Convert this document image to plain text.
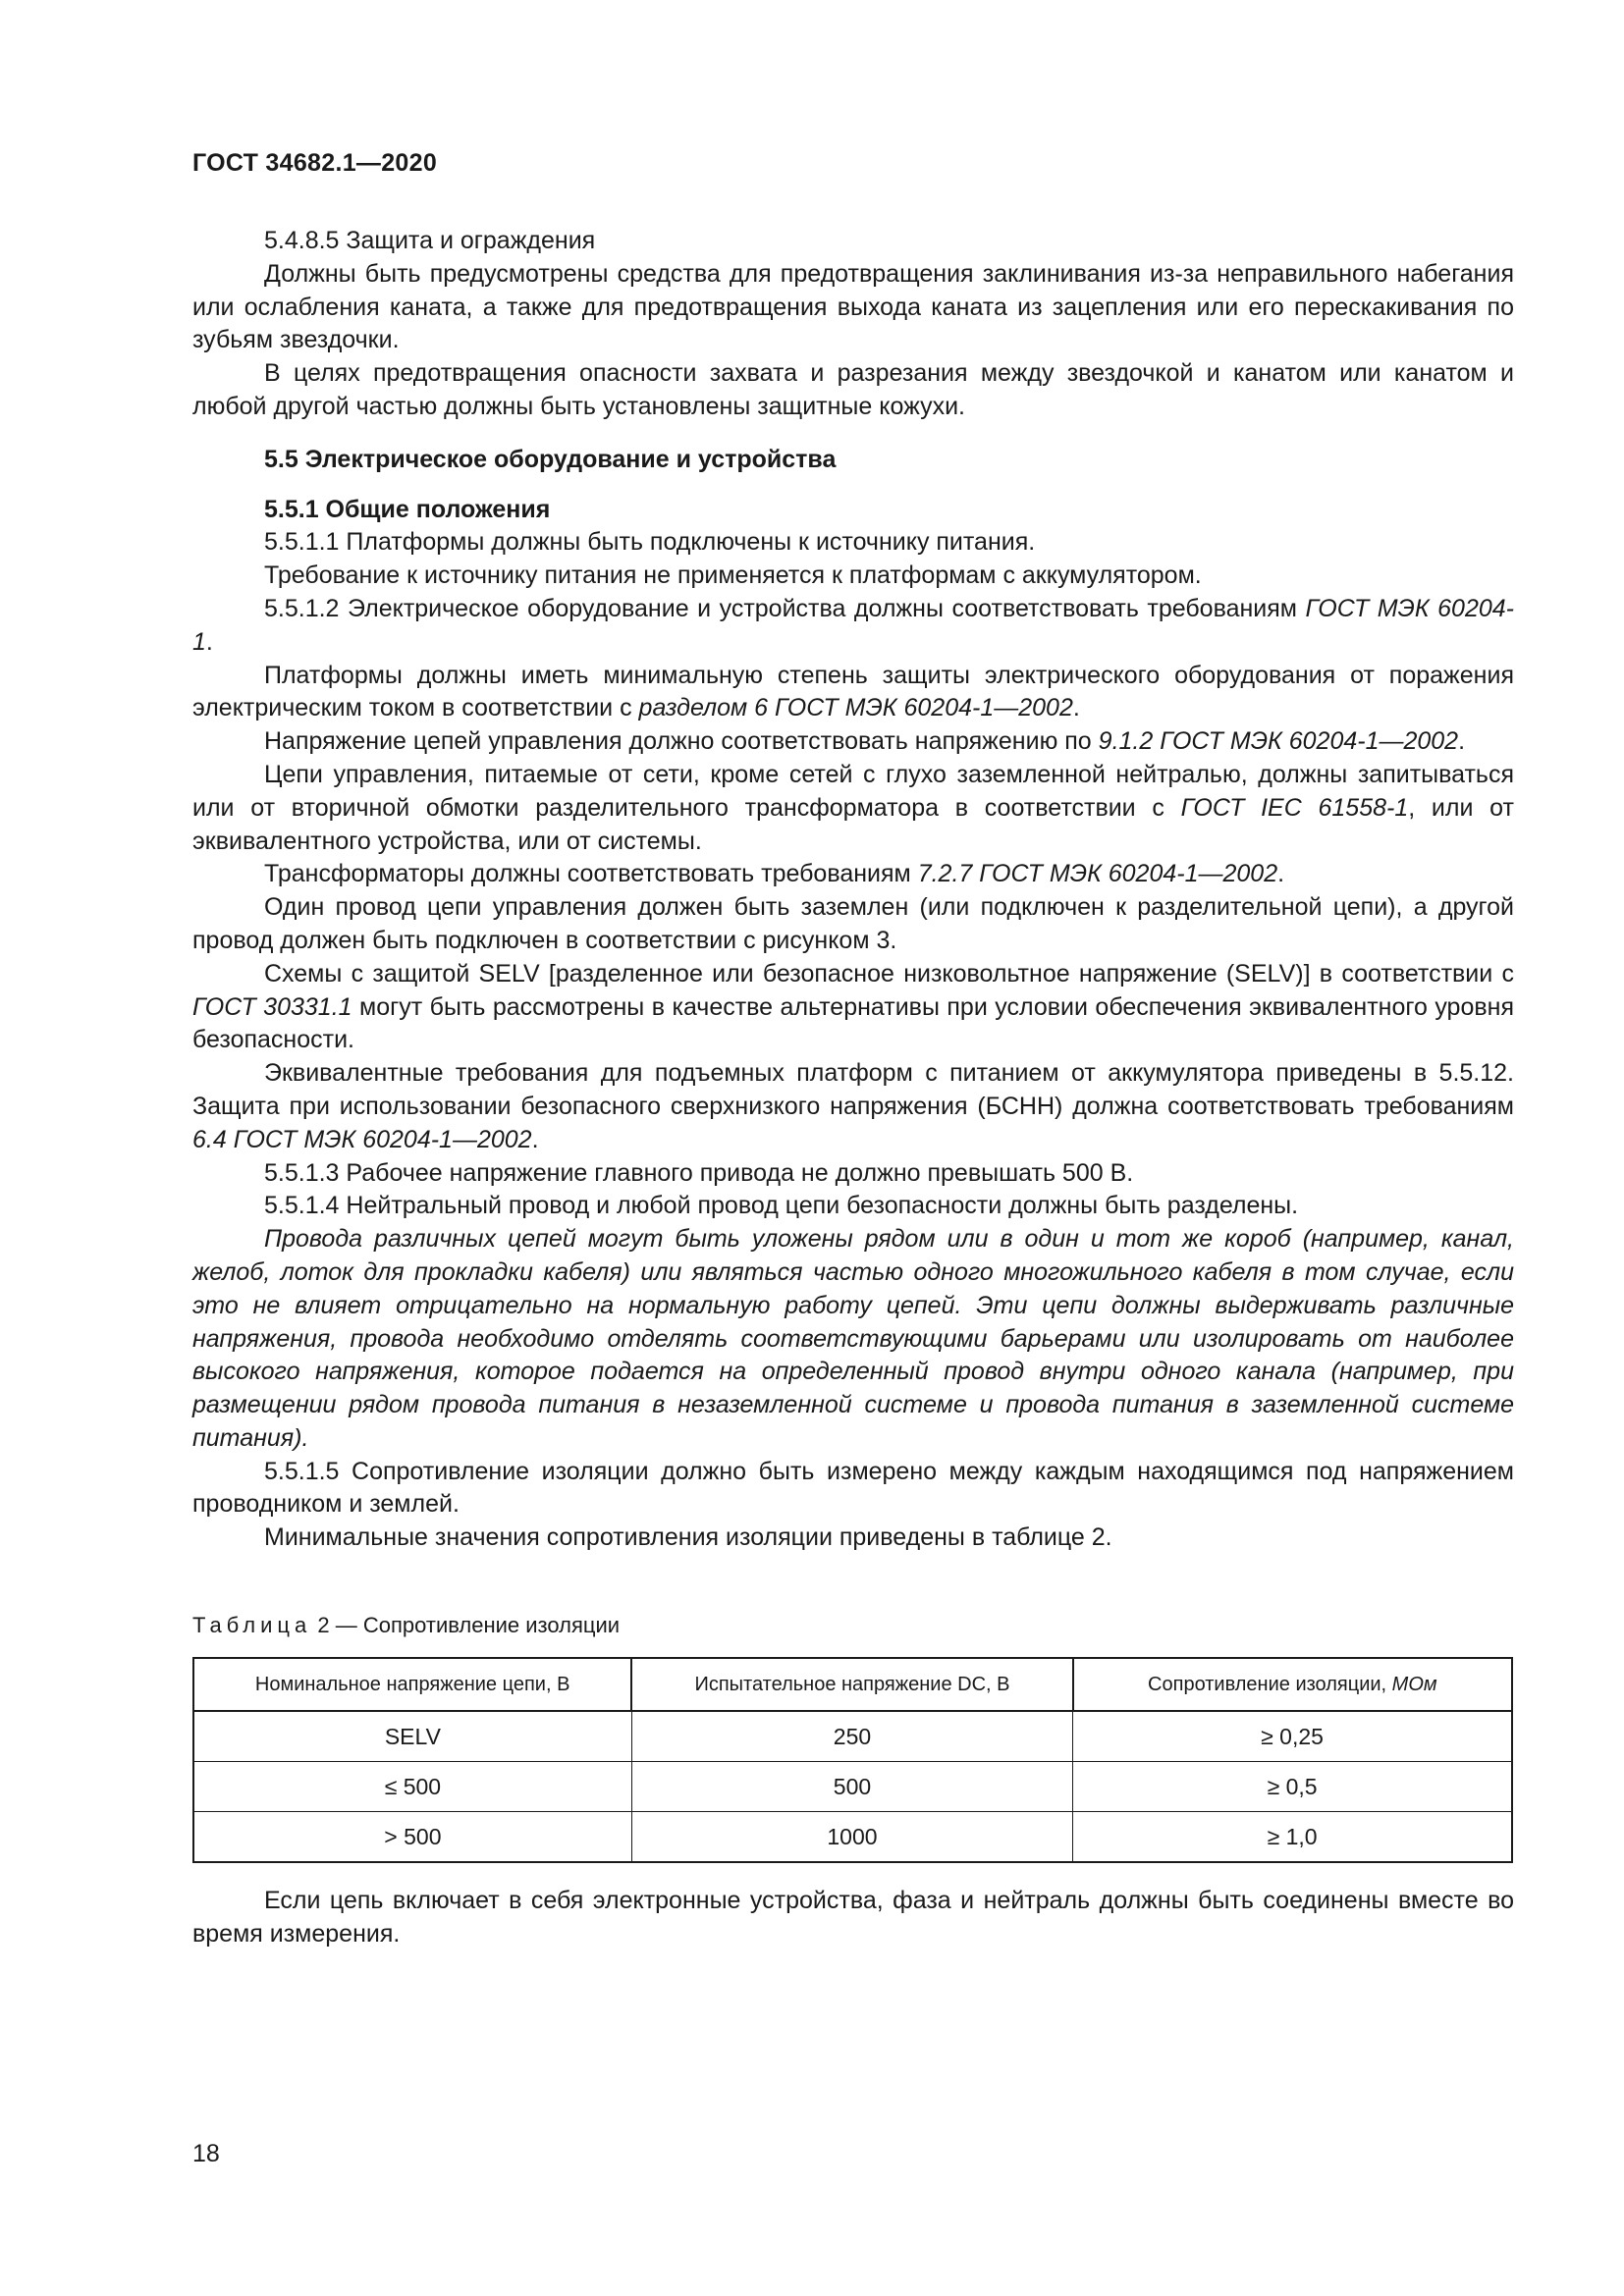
ГОСТ 34682.1—2020

5.4.8.5 Защита и ограждения

Должны быть предусмотрены средства для предотвращения заклинивания из-за неправильного набегания или ослабления каната, а также для предотвращения выхода каната из зацепления или его перескакивания по зубьям звездочки.

В целях предотвращения опасности захвата и разрезания между звездочкой и канатом или канатом и любой другой частью должны быть установлены защитные кожухи.

5.5 Электрическое оборудование и устройства

5.5.1 Общие положения

5.5.1.1 Платформы должны быть подключены к источнику питания.

Требование к источнику питания не применяется к платформам с аккумулятором.

5.5.1.2 Электрическое оборудование и устройства должны соответствовать требованиям ГОСТ МЭК 60204-1.

Платформы должны иметь минимальную степень защиты электрического оборудования от поражения электрическим током в соответствии с разделом 6 ГОСТ МЭК 60204-1—2002.

Напряжение цепей управления должно соответствовать напряжению по 9.1.2 ГОСТ МЭК 60204-1—2002.

Цепи управления, питаемые от сети, кроме сетей с глухо заземленной нейтралью, должны запитываться или от вторичной обмотки разделительного трансформатора в соответствии с ГОСТ IEC 61558-1, или от эквивалентного устройства, или от системы.

Трансформаторы должны соответствовать требованиям 7.2.7 ГОСТ МЭК 60204-1—2002.

Один провод цепи управления должен быть заземлен (или подключен к разделительной цепи), а другой провод должен быть подключен в соответствии с рисунком 3.

Схемы с защитой SELV [разделенное или безопасное низковольтное напряжение (SELV)] в соответствии с ГОСТ 30331.1 могут быть рассмотрены в качестве альтернативы при условии обеспечения эквивалентного уровня безопасности.

Эквивалентные требования для подъемных платформ с питанием от аккумулятора приведены в 5.5.12. Защита при использовании безопасного сверхнизкого напряжения (БСНН) должна соответствовать требованиям 6.4 ГОСТ МЭК 60204-1—2002.

5.5.1.3 Рабочее напряжение главного привода не должно превышать 500 В.

5.5.1.4 Нейтральный провод и любой провод цепи безопасности должны быть разделены.

Провода различных цепей могут быть уложены рядом или в один и тот же короб (например, канал, желоб, лоток для прокладки кабеля) или являться частью одного многожильного кабеля в том случае, если это не влияет отрицательно на нормальную работу цепей. Эти цепи должны выдерживать различные напряжения, провода необходимо отделять соответствующими барьерами или изолировать от наиболее высокого напряжения, которое подается на определенный провод внутри одного канала (например, при размещении рядом провода питания в незаземленной системе и провода питания в заземленной системе питания).

5.5.1.5 Сопротивление изоляции должно быть измерено между каждым находящимся под напряжением проводником и землей.

Минимальные значения сопротивления изоляции приведены в таблице 2.

Таблица 2 — Сопротивление изоляции
Номинальное напряжение цепи, В	Испытательное напряжение DC, В	Сопротивление изоляции, МОм
SELV	250	≥ 0,25
≤ 500	500	≥ 0,5
> 500	1000	≥ 1,0

Если цепь включает в себя электронные устройства, фаза и нейтраль должны быть соединены вместе во время измерения.

18
